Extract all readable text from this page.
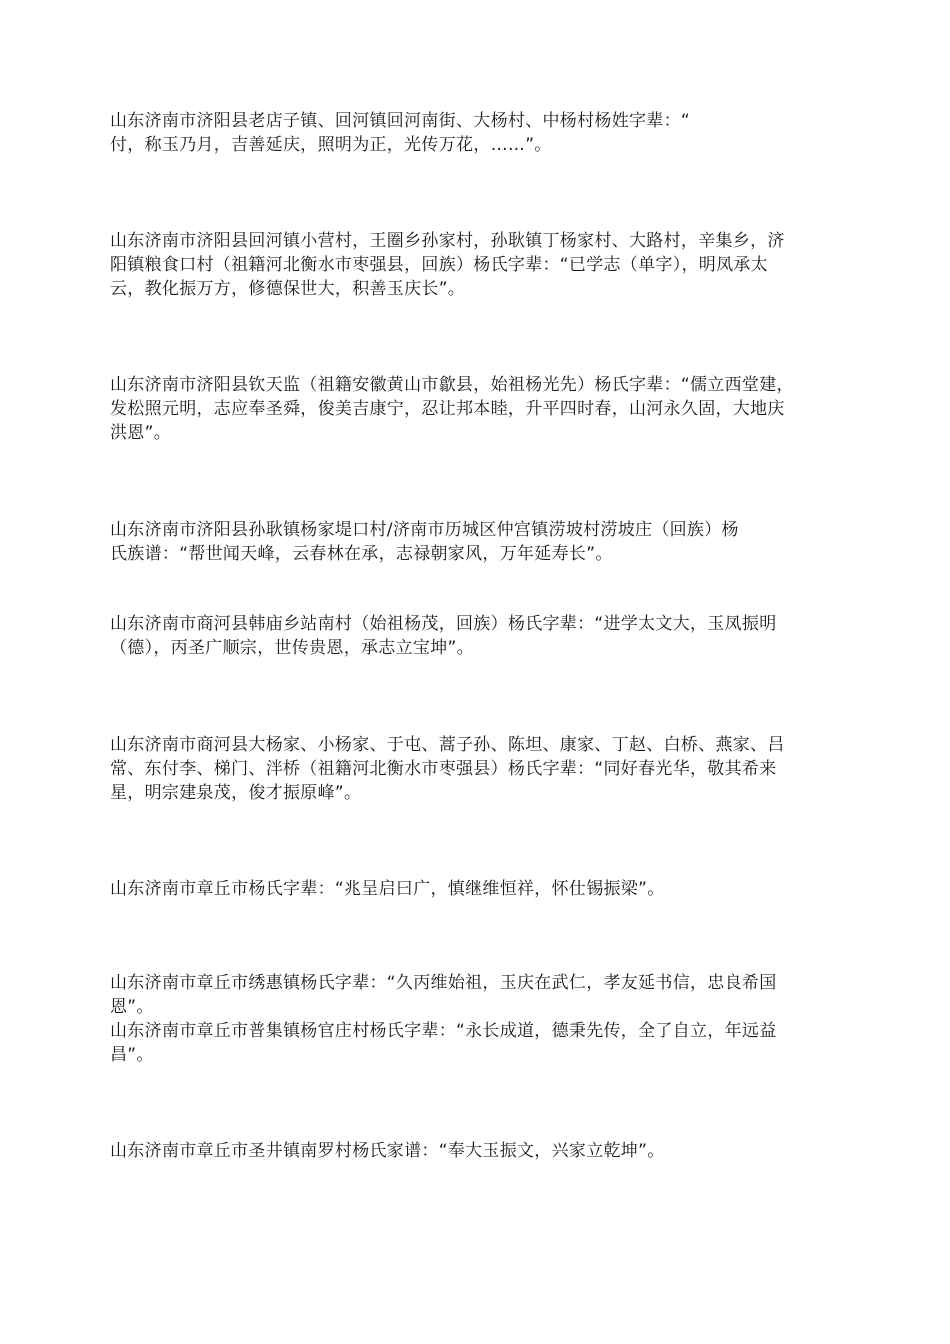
山东济南市济阳县老店子镇、回河镇回河南街、大杨村、中杨村杨姓字辈：“
付，称玉乃月，吉善延庆，照明为正，光传万花，……”。

山东济南市济阳县回河镇小营村，王圈乡孙家村，孙耿镇丁杨家村、大路村，辛集乡，济
阳镇粮食口村（祖籍河北衡水市枣强县，回族）杨氏字辈：“已学志（单字），明凤承太
云，教化振万方，修德保世大，积善玉庆长”。

山东济南市济阳县钦天监（祖籍安徽黄山市歙县，始祖杨光先）杨氏字辈：“儒立西堂建，
发松照元明，志应奉圣舜，俊美吉康宁，忍让邦本睦，升平四时春，山河永久固，大地庆
洪恩”。

山东济南市济阳县孙耿镇杨家堤口村/济南市历城区仲宫镇涝坡村涝坡庄（回族）杨
氏族谱：“帮世闻天峰，云春林在承，志禄朝家风，万年延寿长”。

山东济南市商河县韩庙乡站南村（始祖杨茂，回族）杨氏字辈：“进学太文大，玉凤振明
（德），丙圣广顺宗，世传贵恩，承志立宝坤”。

山东济南市商河县大杨家、小杨家、于屯、蒿子孙、陈坦、康家、丁赵、白桥、燕家、吕
常、东付李、梯门、泮桥（祖籍河北衡水市枣强县）杨氏字辈：“同好春光华，敬其希来
星，明宗建泉茂，俊才振原峰”。

山东济南市章丘市杨氏字辈：“兆呈启曰广，慎继维恒祥，怀仕锡振梁”。

山东济南市章丘市绣惠镇杨氏字辈：“久丙维始祖，玉庆在武仁，孝友延书信，忠良希国
恩”。

山东济南市章丘市普集镇杨官庄村杨氏字辈：“永长成道，德秉先传，全了自立，年远益
昌”。

山东济南市章丘市圣井镇南罗村杨氏家谱：“奉大玉振文，兴家立乾坤”。
